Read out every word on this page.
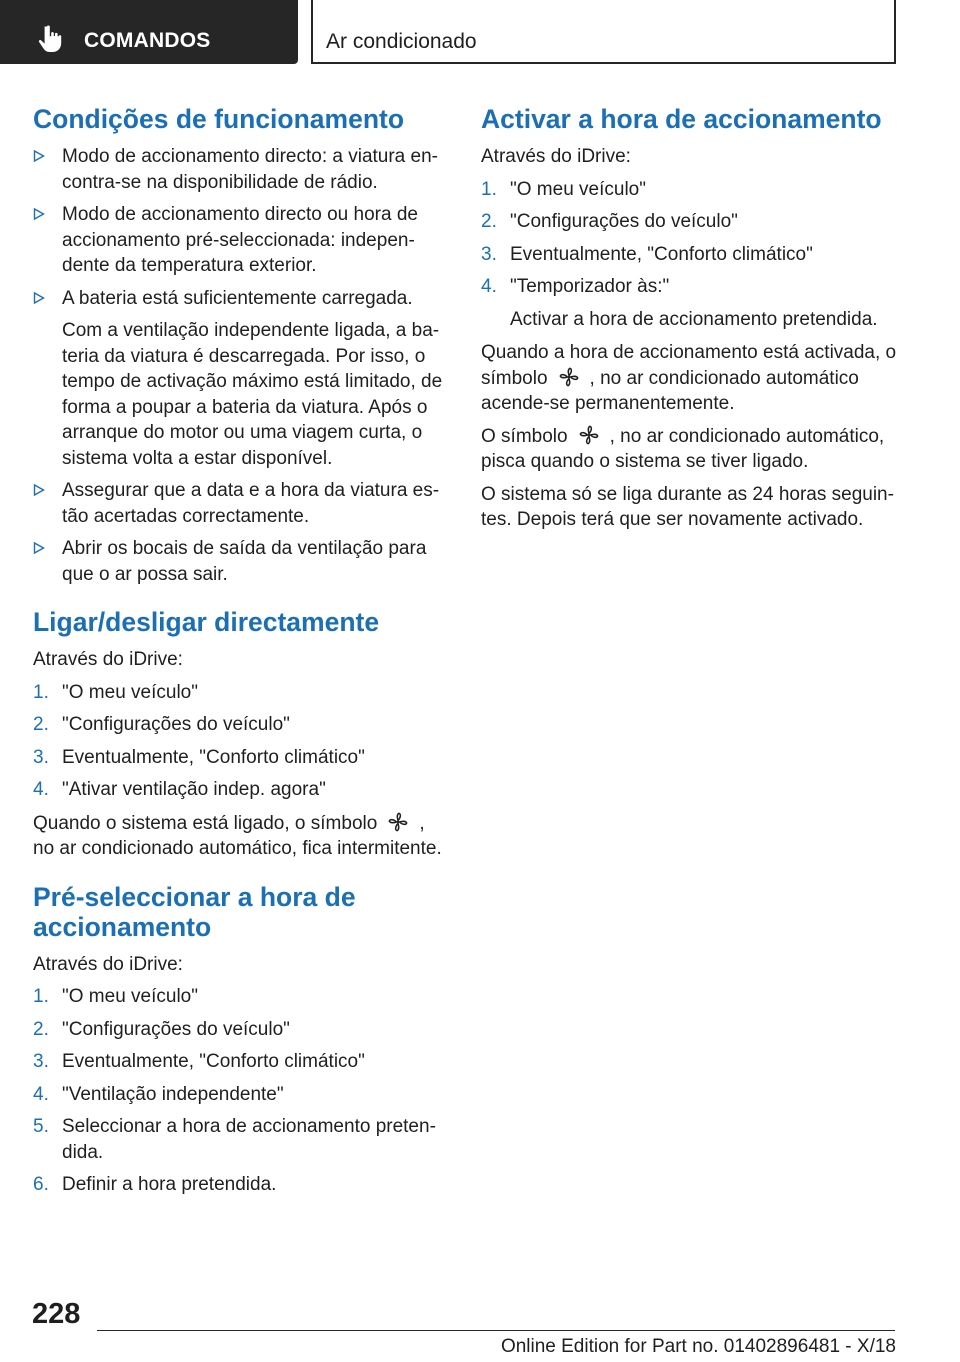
COMANDOS	Ar condicionado
Condições de funcionamento
Modo de accionamento directo: a viatura en-contra-se na disponibilidade de rádio.
Modo de accionamento directo ou hora de accionamento pré-seleccionada: indepen-dente da temperatura exterior.
A bateria está suficientemente carregada.
Com a ventilação independente ligada, a ba-teria da viatura é descarregada. Por isso, o tempo de activação máximo está limitado, de forma a poupar a bateria da viatura. Após o arranque do motor ou uma viagem curta, o sistema volta a estar disponível.
Assegurar que a data e a hora da viatura es-tão acertadas correctamente.
Abrir os bocais de saída da ventilação para que o ar possa sair.
Ligar/desligar directamente

Através do iDrive:

1. "O meu veículo"
2. "Configurações do veículo"
3. Eventualmente, "Conforto climático"
4. "Ativar ventilação indep. agora"

Quando o sistema está ligado, o símbolo , no ar condicionado automático, fica intermitente.

Pré-seleccionar a hora de accionamento

Através do iDrive:

1. "O meu veículo"
2. "Configurações do veículo"
3. Eventualmente, "Conforto climático"
4. "Ventilação independente"
5. Seleccionar a hora de accionamento preten-dida.
6. Definir a hora pretendida.
Activar a hora de accionamento

Através do iDrive:

1. "O meu veículo"
2. "Configurações do veículo"
3. Eventualmente, "Conforto climático"
4. "Temporizador às:"
Activar a hora de accionamento pretendida.

Quando a hora de accionamento está activada, o símbolo , no ar condicionado automático acende-se permanentemente.

O símbolo , no ar condicionado automático, pisca quando o sistema se tiver ligado.

O sistema só se liga durante as 24 horas seguin-tes. Depois terá que ser novamente activado.

228
Online Edition for Part no. 01402896481 - X/18
